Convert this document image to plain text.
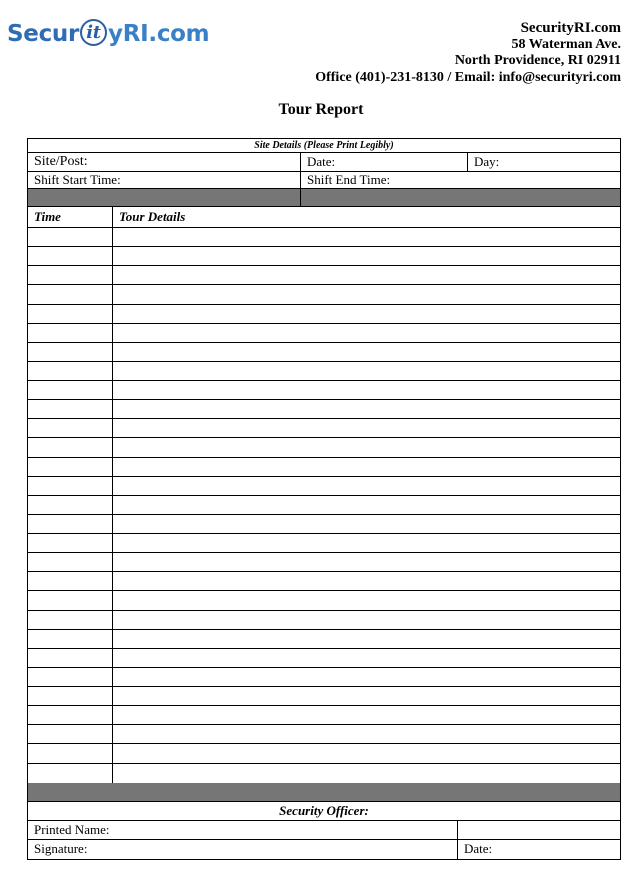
Secur it yRI.com	SecurityRI.com
58 Waterman Ave.
North Providence, RI 02911
Office (401)-231-8130 / Email: info@securityri.com
Tour Report
Site Details (Please Print Legibly)
Site/Post:	Date:	Day:
Shift Start Time:	Shift End Time:
Time	Tour Details
Security Officer:
Printed Name:
Signature:	Date:
